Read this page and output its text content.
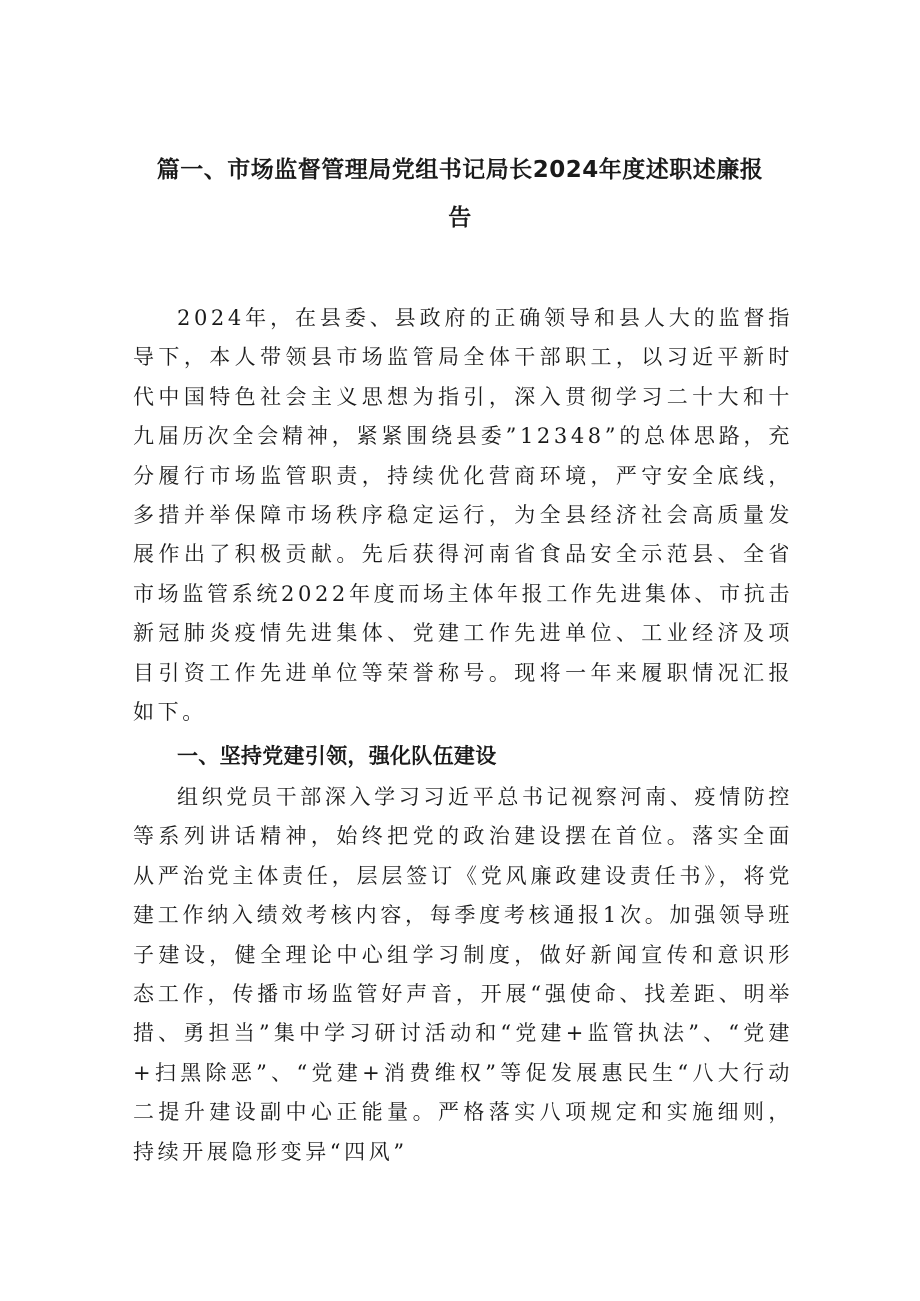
篇一、市场监督管理局党组书记局长2024年度述职述廉报
告

2024年，在县委、县政府的正确领导和县人大的监督指导下，本人带领县市场监管局全体干部职工，以习近平新时代中国特色社会主义思想为指引，深入贯彻学习二十大和十九届历次全会精神，紧紧围绕县委”12348”的总体思路，充分履行市场监管职责，持续优化营商环境，严守安全底线，多措并举保障市场秩序稳定运行，为全县经济社会高质量发展作出了积极贡献。先后获得河南省食品安全示范县、全省市场监管系统2022年度而场主体年报工作先进集体、市抗击新冠肺炎疫情先进集体、党建工作先进单位、工业经济及项目引资工作先进单位等荣誉称号。现将一年来履职情况汇报如下。

一、坚持党建引领，强化队伍建设

组织党员干部深入学习习近平总书记视察河南、疫情防控等系列讲话精神，始终把党的政治建设摆在首位。落实全面从严治党主体责任，层层签订《党风廉政建设责任书》，将党建工作纳入绩效考核内容，每季度考核通报1次。加强领导班子建设，健全理论中心组学习制度，做好新闻宣传和意识形态工作，传播市场监管好声音，开展“强使命、找差距、明举措、勇担当”集中学习研讨活动和“党建+监管执法”、“党建+扫黑除恶”、“党建+消费维权”等促发展惠民生“八大行动二提升建设副中心正能量。严格落实八项规定和实施细则，持续开展隐形变异“四风”
